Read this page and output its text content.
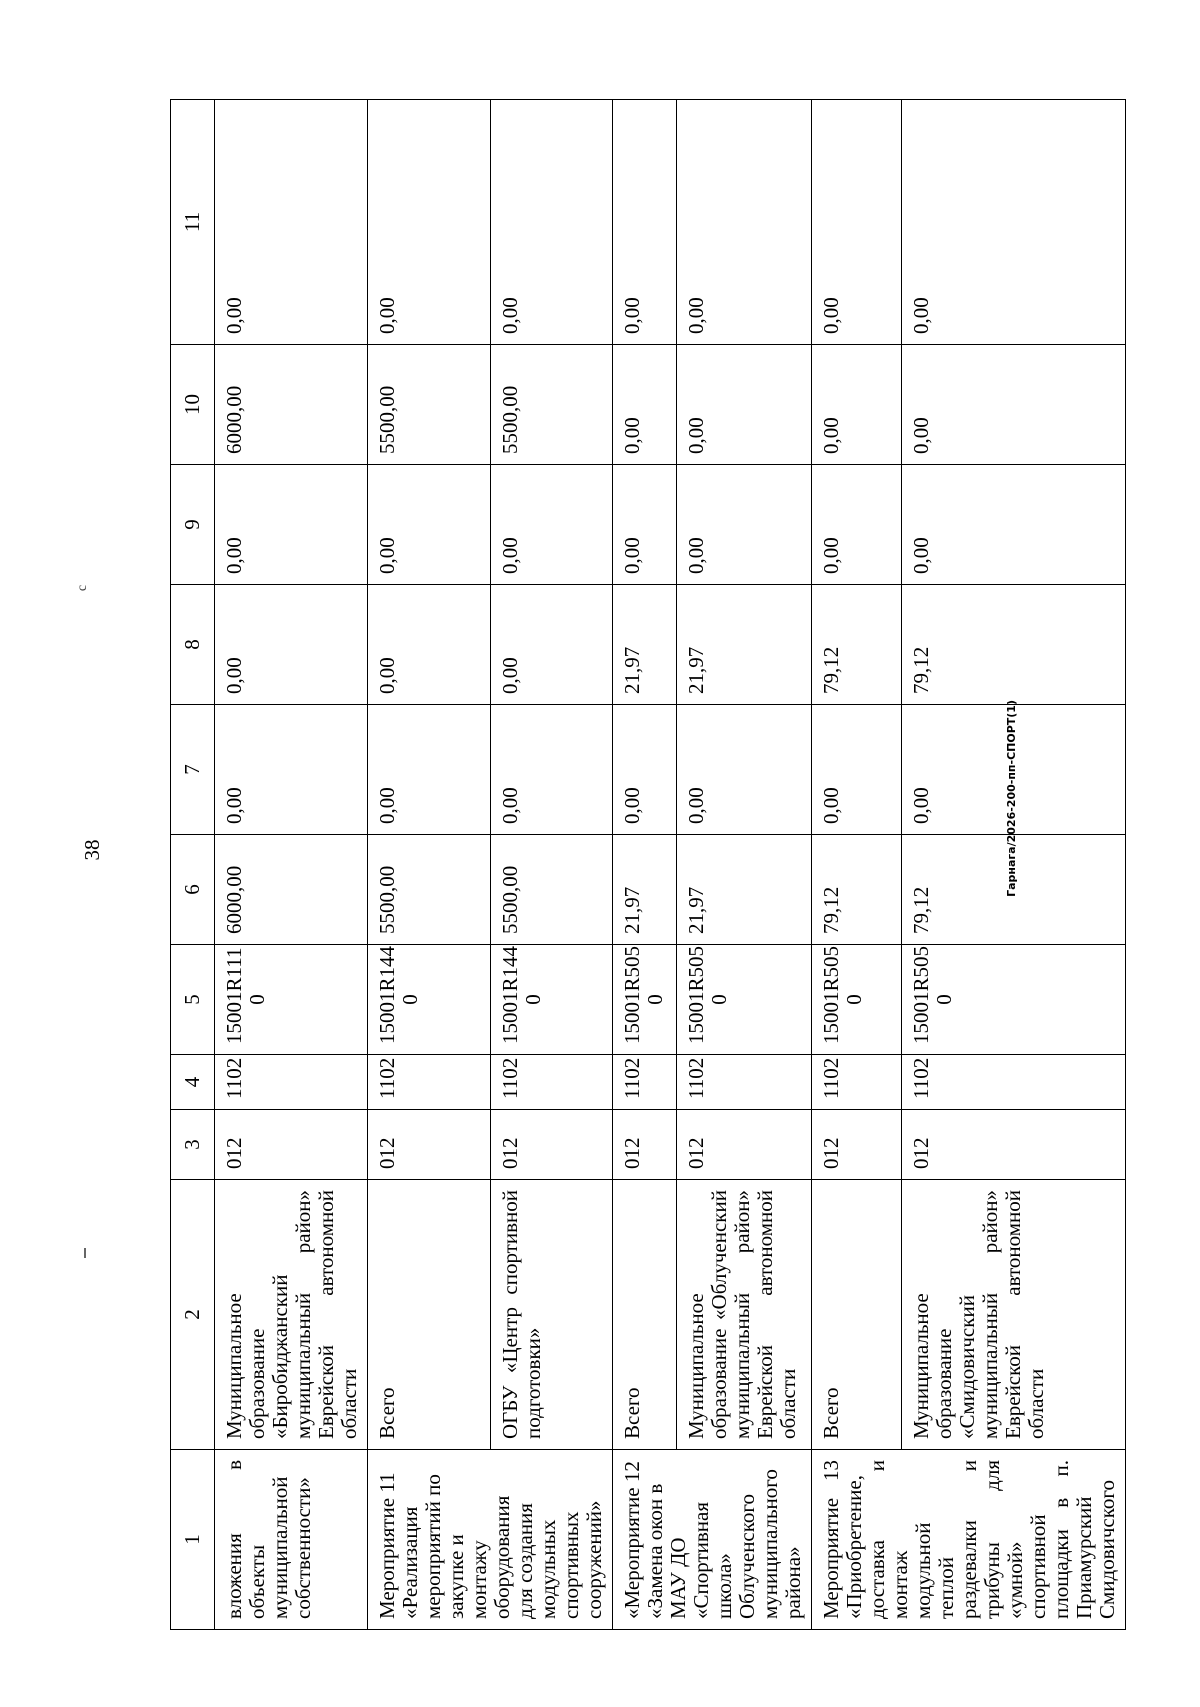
с
38
1	2	3	4	5	6	7	8	9	10	11
вложения в объекты муниципальной собственности»	Муниципальное образование «Биробиджанский муниципальный район» Еврейской автономной области	012	1102	15001R111 0	6000,00	0,00	0,00	0,00	6000,00	0,00
Мероприятие 11 «Реализация мероприятий по закупке и монтажу оборудования для создания модульных спортивных сооружений»	Всего	012	1102	15001R144 0	5500,00	0,00	0,00	0,00	5500,00	0,00
	ОГБУ «Центр спортивной подготовки»	012	1102	15001R144 0	5500,00	0,00	0,00	0,00	5500,00	0,00
«Мероприятие 12 «Замена окон в МАУ ДО «Спортивная школа» Облученского муниципального района»	Всего	012	1102	15001R505 0	21,97	0,00	21,97	0,00	0,00	0,00
	Муниципальное образование «Облученский муниципальный район» Еврейской автономной области	012	1102	15001R505 0	21,97	0,00	21,97	0,00	0,00	0,00
Мероприятие 13 «Приобретение, доставка и монтаж модульной теплой раздевалки и трибуны для «умной» спортивной площадки в п. Приамурский Смидовичского	Всего	012	1102	15001R505 0	79,12	0,00	79,12	0,00	0,00	0,00
	Муниципальное образование «Смидовичский муниципальный район» Еврейской автономной области	012	1102	15001R505 0	79,12	0,00	79,12	0,00	0,00	0,00
Гарнага/2026-200-пп-СПОРТ(1)
